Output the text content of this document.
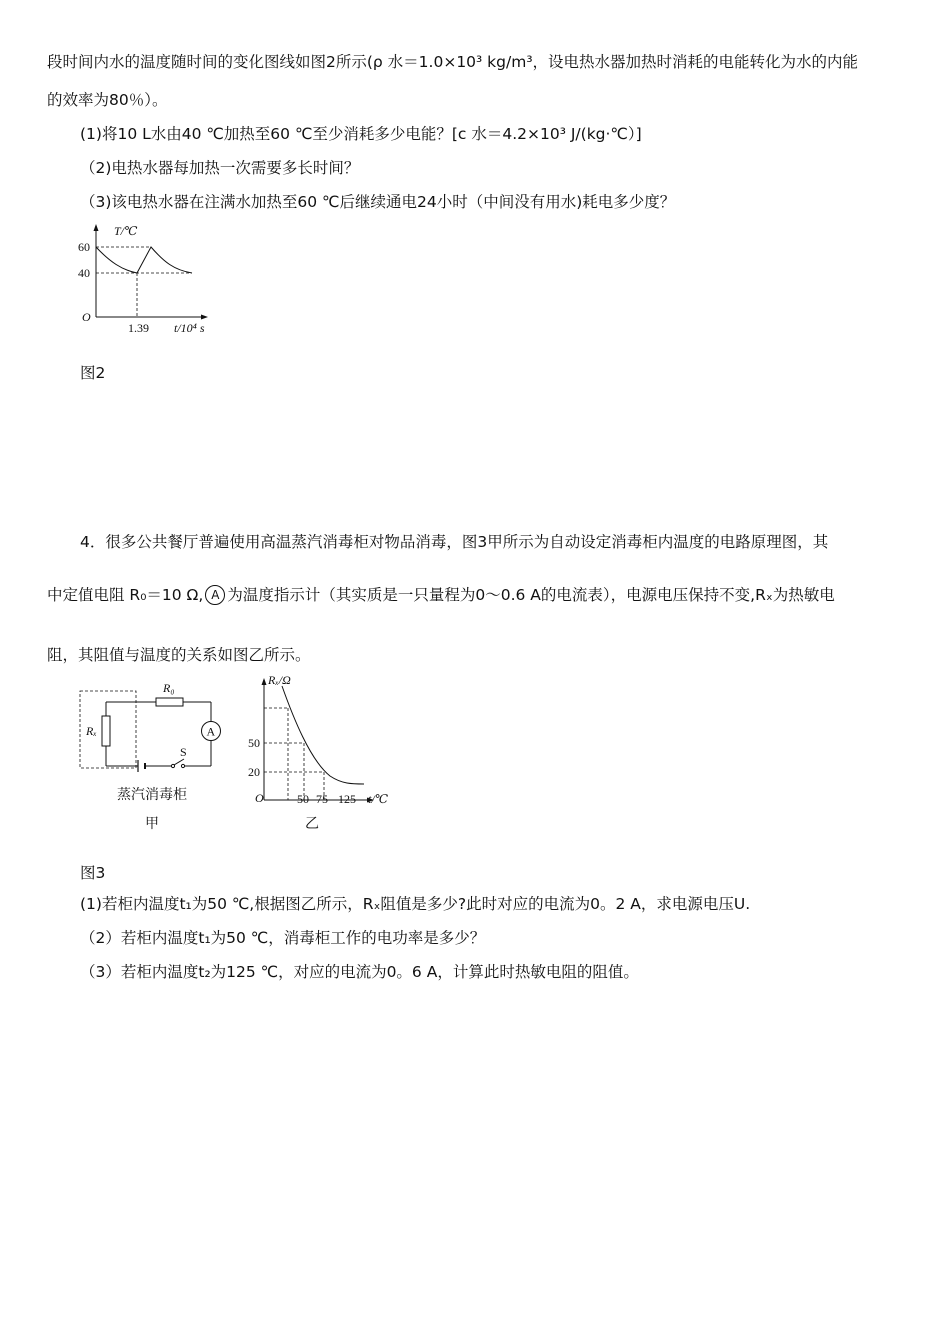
段时间内水的温度随时间的变化图线如图2所示(ρ 水＝1.0×10³ kg/m³，设电热水器加热时消耗的电能转化为水的内能
的效率为80％）。
(1)将10 L水由40 ℃加热至60 ℃至少消耗多少电能？[c 水＝4.2×10³ J/(kg·℃）]
（2)电热水器每加热一次需要多长时间？
（3)该电热水器在注满水加热至60 ℃后继续通电24小时（中间没有用水)耗电多少度？
T/℃
60
40
O
1.39 t/10⁴ s
图2
4．很多公共餐厅普遍使用高温蒸汽消毒柜对物品消毒，图3甲所示为自动设定消毒柜内温度的电路原理图，其
中定值电阻 R₀＝10 Ω, A 为温度指示计（其实质是一只量程为0～0.6 A的电流表），电源电压保持不变,Rₓ为热敏电
阻，其阻值与温度的关系如图乙所示。
A
R₀
Rₓ
S
蒸汽消毒柜
甲
Rₓ/Ω
50
20
O	50 75 125 t/℃
乙
图3
(1)若柜内温度t₁为50 ℃,根据图乙所示，Rₓ阻值是多少?此时对应的电流为0。2 A，求电源电压U.
（2）若柜内温度t₁为50 ℃，消毒柜工作的电功率是多少？
（3）若柜内温度t₂为125 ℃，对应的电流为0。6 A，计算此时热敏电阻的阻值。
